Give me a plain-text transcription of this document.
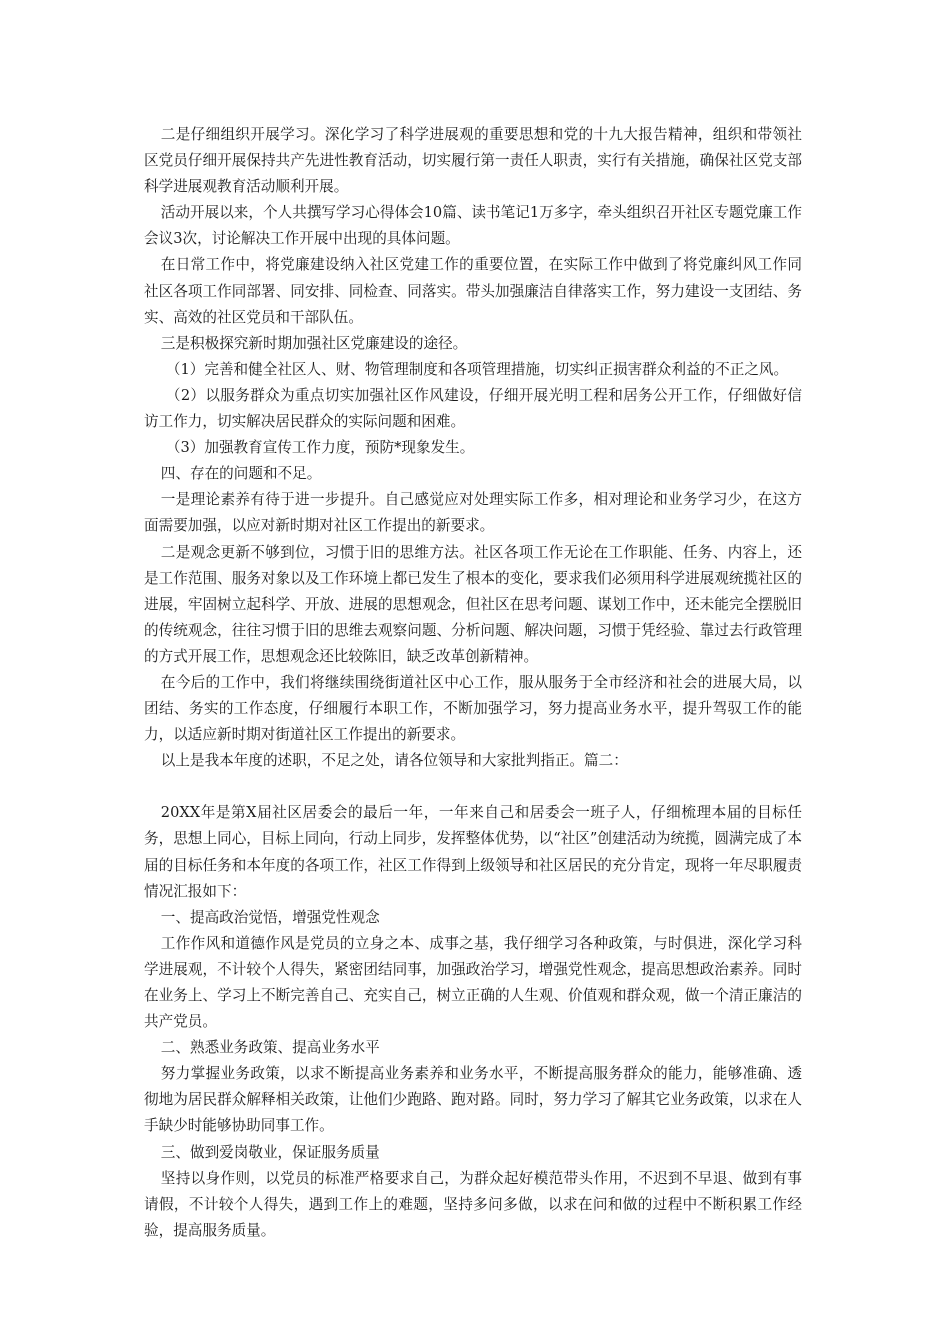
二是仔细组织开展学习。深化学习了科学进展观的重要思想和党的十九大报告精神，组织和带领社区党员仔细开展保持共产先进性教育活动，切实履行第一责任人职责，实行有关措施，确保社区党支部科学进展观教育活动顺利开展。

活动开展以来，个人共撰写学习心得体会10篇、读书笔记1万多字，牵头组织召开社区专题党廉工作会议3次，讨论解决工作开展中出现的具体问题。

在日常工作中，将党廉建设纳入社区党建工作的重要位置，在实际工作中做到了将党廉纠风工作同社区各项工作同部署、同安排、同检查、同落实。带头加强廉洁自律落实工作，努力建设一支团结、务实、高效的社区党员和干部队伍。

三是积极探究新时期加强社区党廉建设的途径。

（1）完善和健全社区人、财、物管理制度和各项管理措施，切实纠正损害群众利益的不正之风。

（2）以服务群众为重点切实加强社区作风建设，仔细开展光明工程和居务公开工作，仔细做好信访工作力，切实解决居民群众的实际问题和困难。

（3）加强教育宣传工作力度，预防*现象发生。

四、存在的问题和不足。

一是理论素养有待于进一步提升。自己感觉应对处理实际工作多，相对理论和业务学习少，在这方面需要加强，以应对新时期对社区工作提出的新要求。

二是观念更新不够到位，习惯于旧的思维方法。社区各项工作无论在工作职能、任务、内容上，还是工作范围、服务对象以及工作环境上都已发生了根本的变化，要求我们必须用科学进展观统揽社区的进展，牢固树立起科学、开放、进展的思想观念，但社区在思考问题、谋划工作中，还未能完全摆脱旧的传统观念，往往习惯于旧的思维去观察问题、分析问题、解决问题，习惯于凭经验、靠过去行政管理的方式开展工作，思想观念还比较陈旧，缺乏改革创新精神。

在今后的工作中，我们将继续围绕街道社区中心工作，服从服务于全市经济和社会的进展大局，以团结、务实的工作态度，仔细履行本职工作，不断加强学习，努力提高业务水平，提升驾驭工作的能力，以适应新时期对街道社区工作提出的新要求。

以上是我本年度的述职，不足之处，请各位领导和大家批判指正。篇二：

20XX年是第X届社区居委会的最后一年，一年来自己和居委会一班子人，仔细梳理本届的目标任务，思想上同心，目标上同向，行动上同步，发挥整体优势，以“社区”创建活动为统揽，圆满完成了本届的目标任务和本年度的各项工作，社区工作得到上级领导和社区居民的充分肯定，现将一年尽职履责情况汇报如下：

一、提高政治觉悟，增强党性观念

工作作风和道德作风是党员的立身之本、成事之基，我仔细学习各种政策，与时俱进，深化学习科学进展观，不计较个人得失，紧密团结同事，加强政治学习，增强党性观念，提高思想政治素养。同时在业务上、学习上不断完善自己、充实自己，树立正确的人生观、价值观和群众观，做一个清正廉洁的共产党员。

二、熟悉业务政策、提高业务水平

努力掌握业务政策，以求不断提高业务素养和业务水平，不断提高服务群众的能力，能够准确、透彻地为居民群众解释相关政策，让他们少跑路、跑对路。同时，努力学习了解其它业务政策，以求在人手缺少时能够协助同事工作。

三、做到爱岗敬业，保证服务质量

坚持以身作则，以党员的标准严格要求自己，为群众起好模范带头作用，不迟到不早退、做到有事请假，不计较个人得失，遇到工作上的难题，坚持多问多做，以求在问和做的过程中不断积累工作经验，提高服务质量。
